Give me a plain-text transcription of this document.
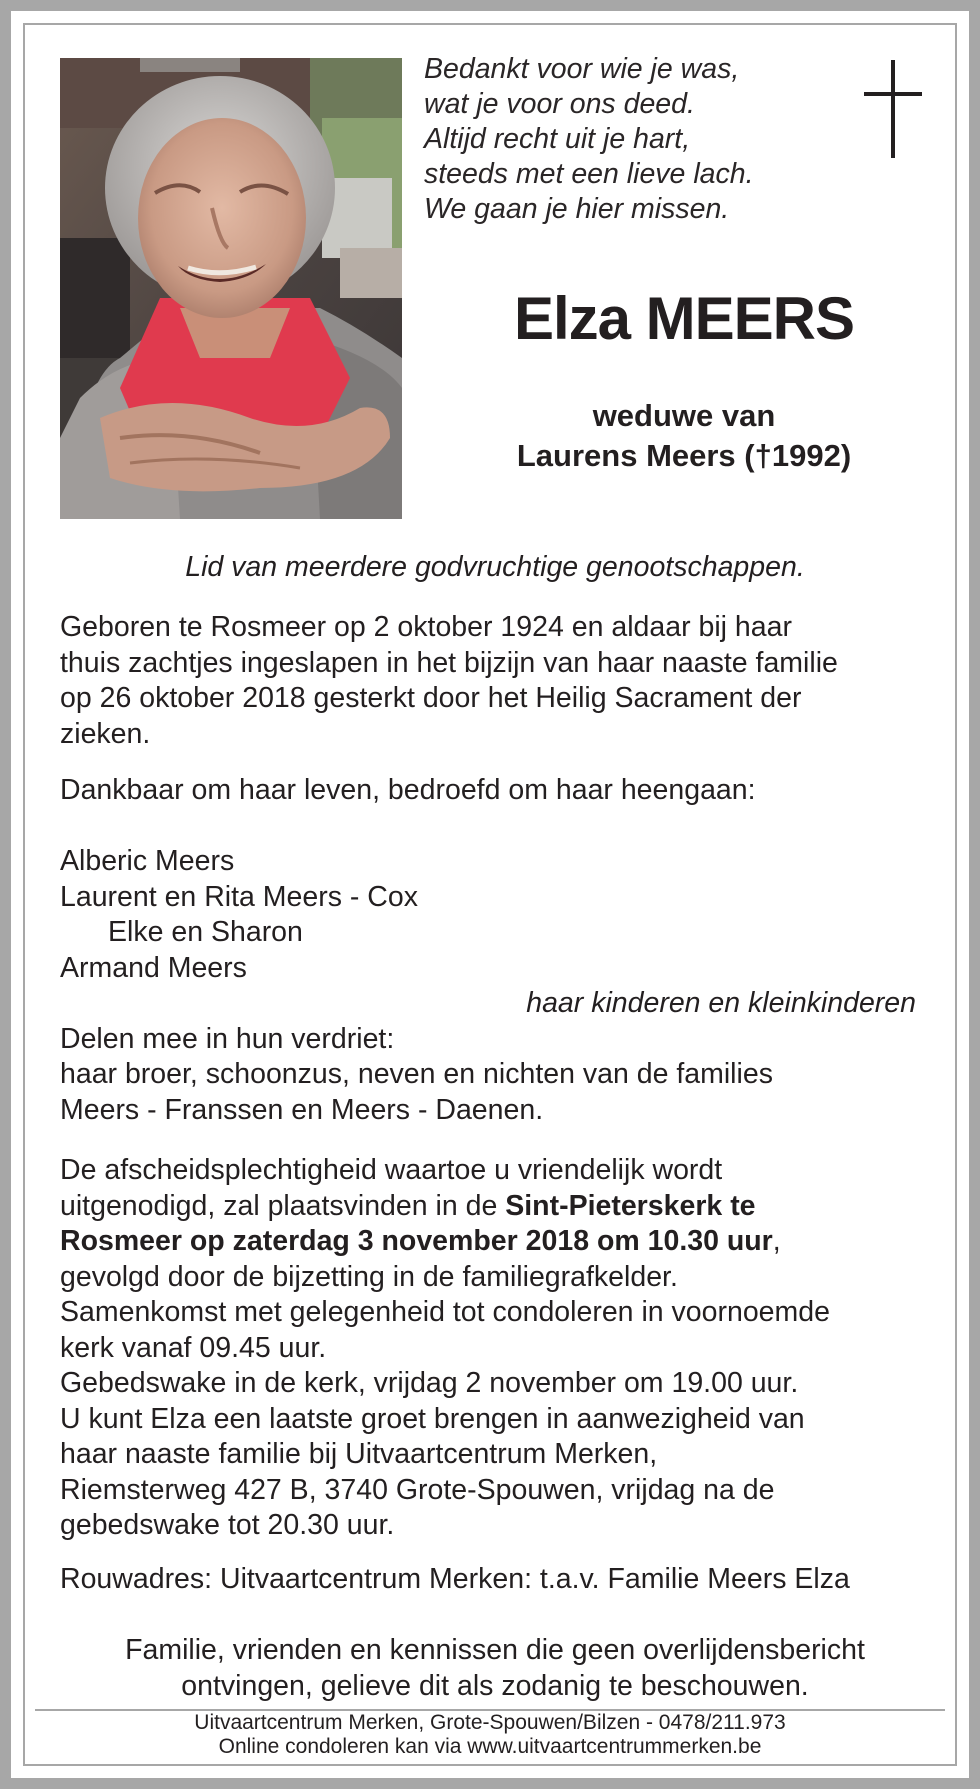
Bedankt voor wie je was,
wat je voor ons deed.
Altijd recht uit je hart,
steeds met een lieve lach.
We gaan je hier missen.
Elza MEERS
weduwe van
Laurens Meers (†1992)
Lid van meerdere godvruchtige genootschappen.
Geboren te Rosmeer op 2 oktober 1924 en aldaar bij haar
thuis zachtjes ingeslapen in het bijzijn van haar naaste familie
op 26 oktober 2018 gesterkt door het Heilig Sacrament der
zieken.
Dankbaar om haar leven, bedroefd om haar heengaan:
Alberic Meers
Laurent en Rita Meers - Cox
Elke en Sharon
Armand Meers
haar kinderen en kleinkinderen
Delen mee in hun verdriet:
haar broer, schoonzus, neven en nichten van de families
Meers - Franssen en Meers - Daenen.
De afscheidsplechtigheid waartoe u vriendelijk wordt
uitgenodigd, zal plaatsvinden in de Sint-Pieterskerk te
Rosmeer op zaterdag 3 november 2018 om 10.30 uur,
gevolgd door de bijzetting in de familiegrafkelder.
Samenkomst met gelegenheid tot condoleren in voornoemde
kerk vanaf 09.45 uur.
Gebedswake in de kerk, vrijdag 2 november om 19.00 uur.
U kunt Elza een laatste groet brengen in aanwezigheid van
haar naaste familie bij Uitvaartcentrum Merken,
Riemsterweg 427 B, 3740 Grote-Spouwen, vrijdag na de
gebedswake tot 20.30 uur.
Rouwadres: Uitvaartcentrum Merken: t.a.v. Familie Meers Elza
Familie, vrienden en kennissen die geen overlijdensbericht
ontvingen, gelieve dit als zodanig te beschouwen.
Uitvaartcentrum Merken, Grote-Spouwen/Bilzen - 0478/211.973
Online condoleren kan via www.uitvaartcentrummerken.be
